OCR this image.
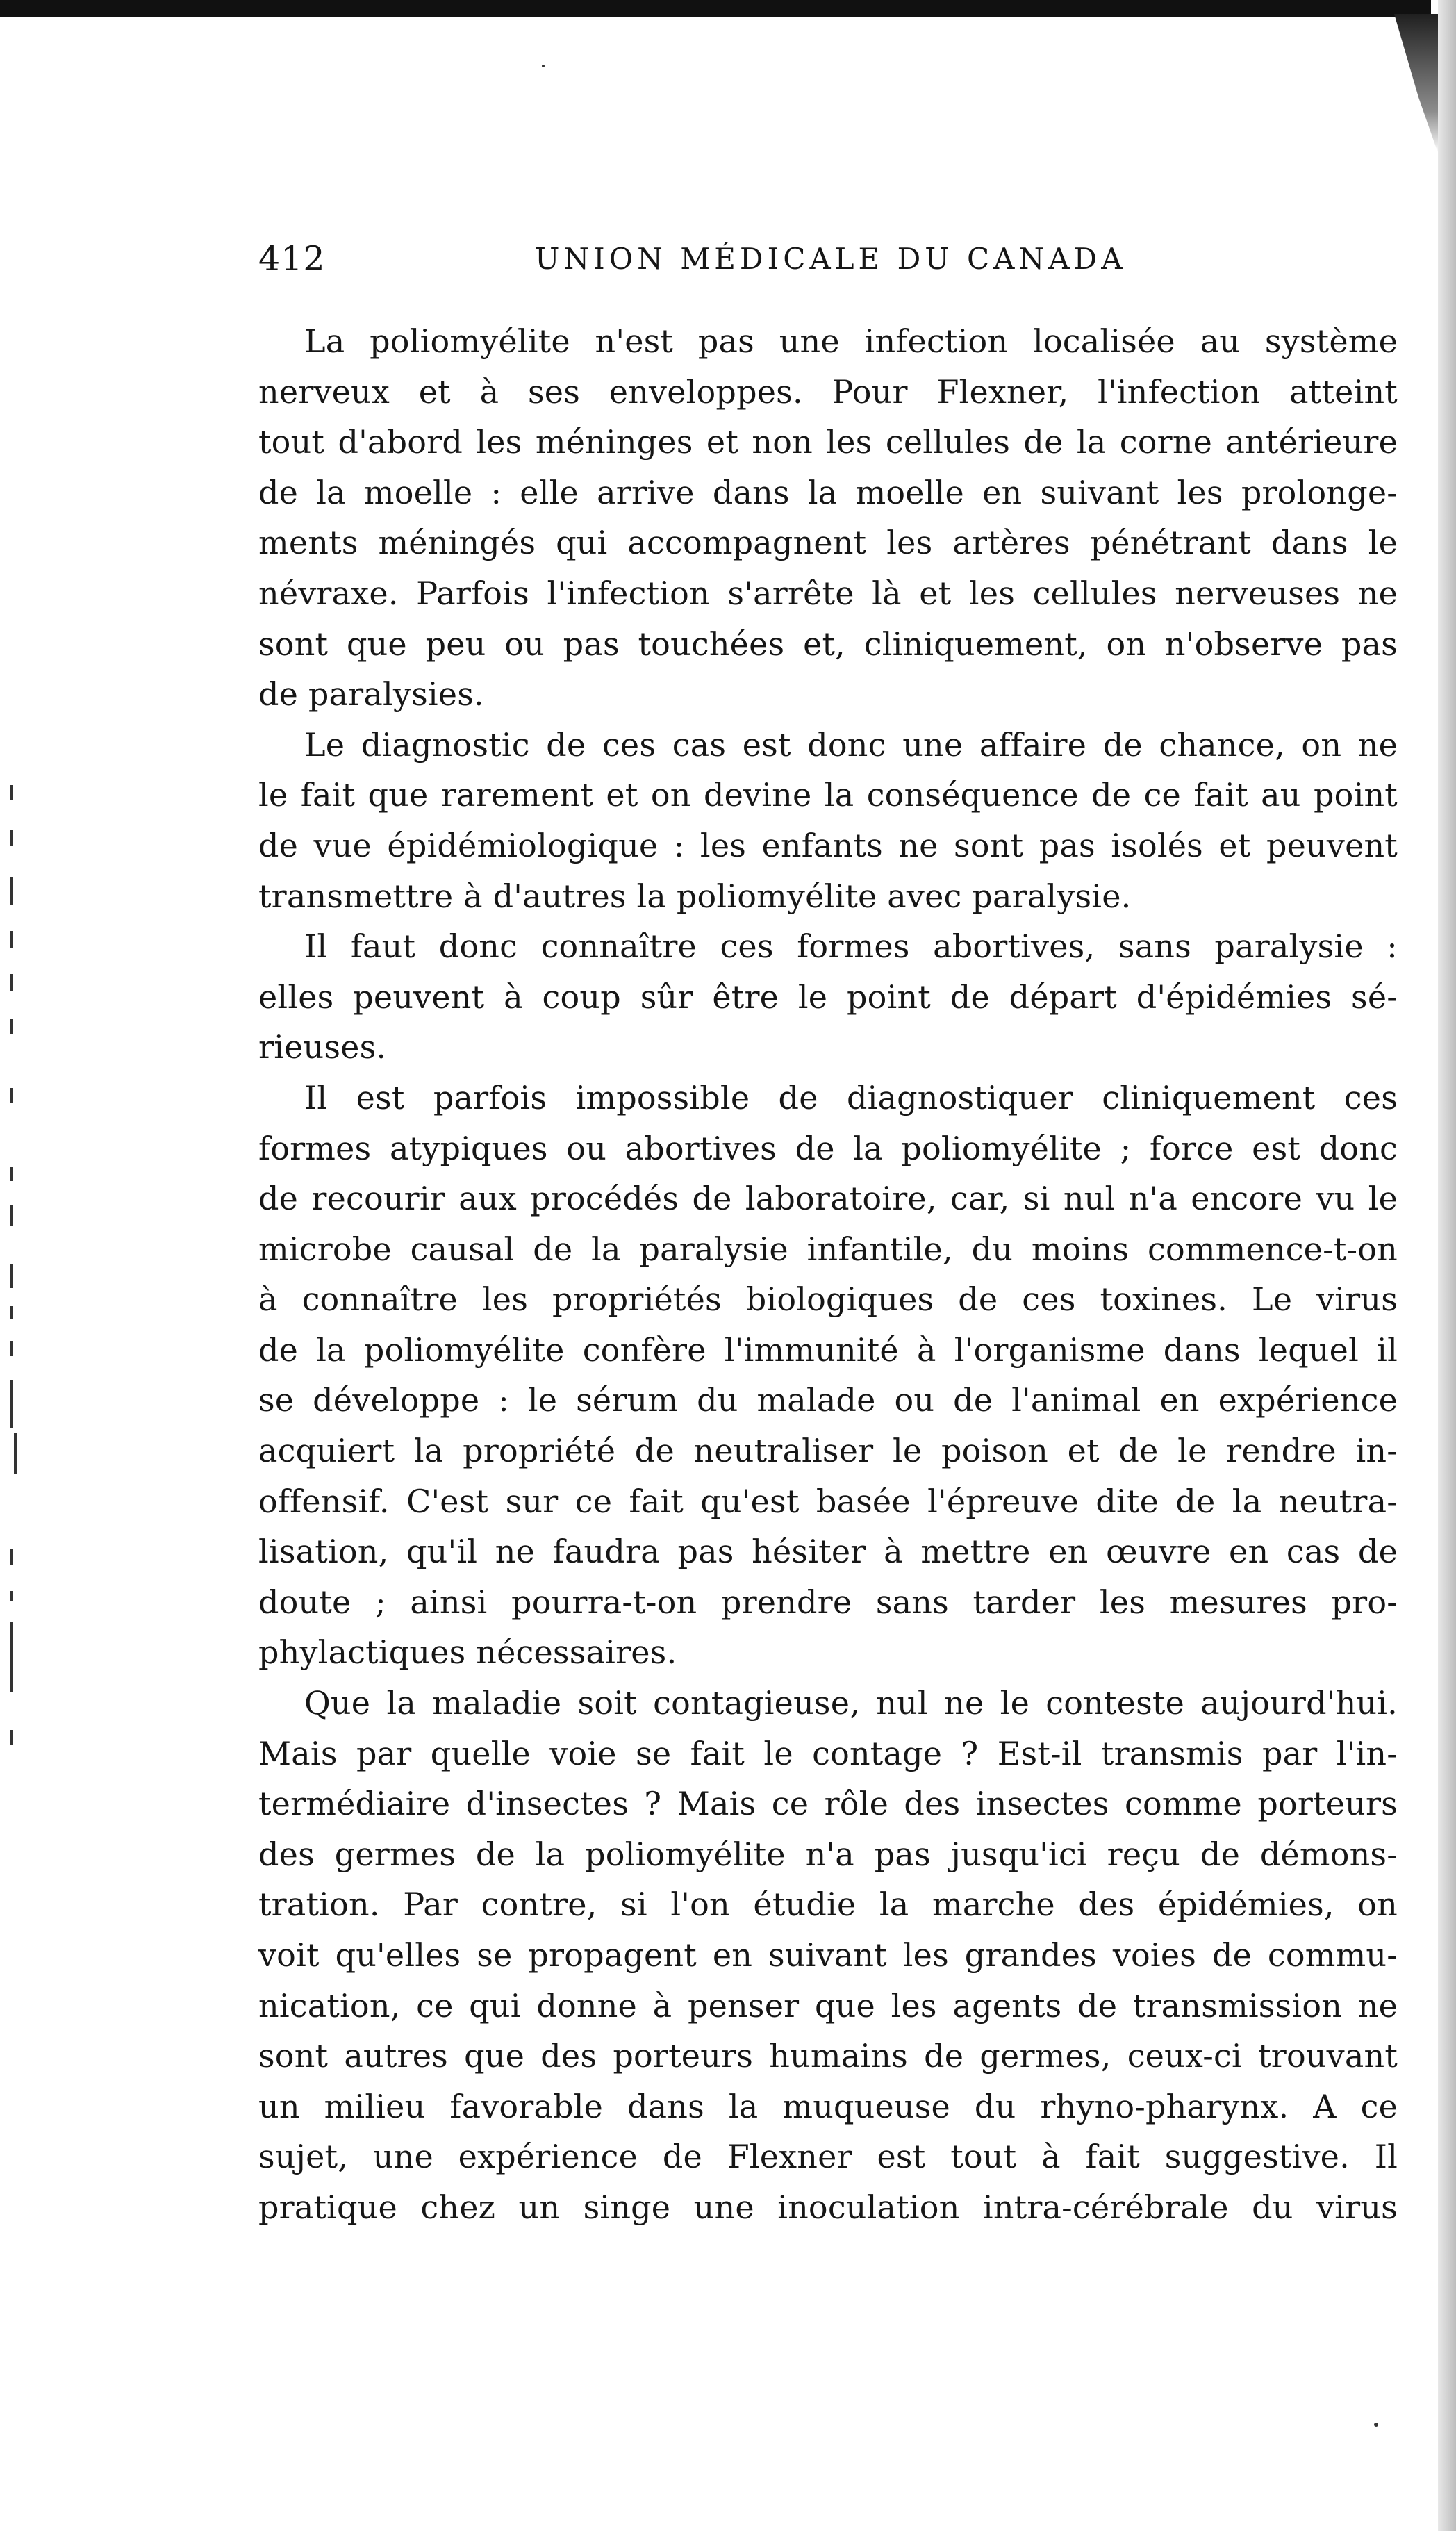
412	UNION MÉDICALE DU CANADA
La poliomyélite n'est pas une infection localisée au système
nerveux et à ses enveloppes. Pour Flexner, l'infection atteint
tout d'abord les méninges et non les cellules de la corne antérieure
de la moelle : elle arrive dans la moelle en suivant les prolonge-
ments méningés qui accompagnent les artères pénétrant dans le
névraxe. Parfois l'infection s'arrête là et les cellules nerveuses ne
sont que peu ou pas touchées et, cliniquement, on n'observe pas
de paralysies.
Le diagnostic de ces cas est donc une affaire de chance, on ne
le fait que rarement et on devine la conséquence de ce fait au point
de vue épidémiologique : les enfants ne sont pas isolés et peuvent
transmettre à d'autres la poliomyélite avec paralysie.
Il faut donc connaître ces formes abortives, sans paralysie :
elles peuvent à coup sûr être le point de départ d'épidémies sé-
rieuses.
Il est parfois impossible de diagnostiquer cliniquement ces
formes atypiques ou abortives de la poliomyélite ; force est donc
de recourir aux procédés de laboratoire, car, si nul n'a encore vu le
microbe causal de la paralysie infantile, du moins commence-t-on
à connaître les propriétés biologiques de ces toxines. Le virus
de la poliomyélite confère l'immunité à l'organisme dans lequel il
se développe : le sérum du malade ou de l'animal en expérience
acquiert la propriété de neutraliser le poison et de le rendre in-
offensif. C'est sur ce fait qu'est basée l'épreuve dite de la neutra-
lisation, qu'il ne faudra pas hésiter à mettre en œuvre en cas de
doute ; ainsi pourra-t-on prendre sans tarder les mesures pro-
phylactiques nécessaires.
Que la maladie soit contagieuse, nul ne le conteste aujourd'hui.
Mais par quelle voie se fait le contage ? Est-il transmis par l'in-
termédiaire d'insectes ? Mais ce rôle des insectes comme porteurs
des germes de la poliomyélite n'a pas jusqu'ici reçu de démons-
tration. Par contre, si l'on étudie la marche des épidémies, on
voit qu'elles se propagent en suivant les grandes voies de commu-
nication, ce qui donne à penser que les agents de transmission ne
sont autres que des porteurs humains de germes, ceux-ci trouvant
un milieu favorable dans la muqueuse du rhyno-pharynx. A ce
sujet, une expérience de Flexner est tout à fait suggestive. Il
pratique chez un singe une inoculation intra-cérébrale du virus
